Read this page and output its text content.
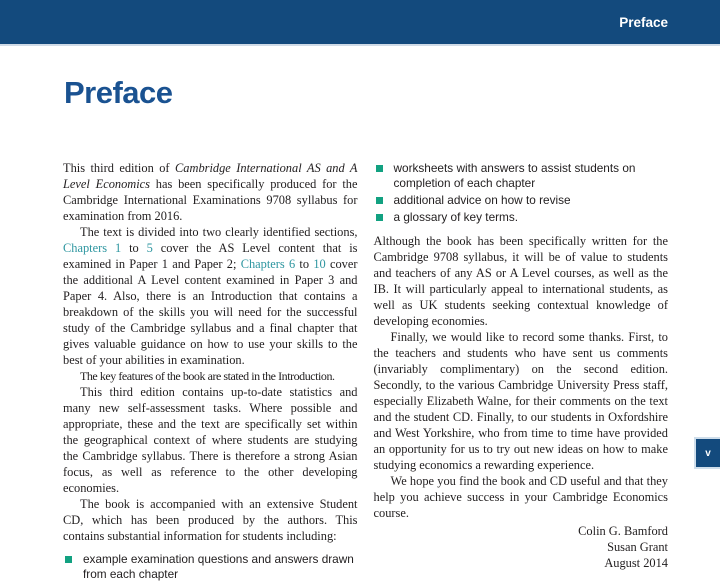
Preface
Preface

This third edition of Cambridge International AS and A Level Economics has been specifically produced for the Cambridge International Examinations 9708 syllabus for examination from 2016.

The text is divided into two clearly identified sections, Chapters 1 to 5 cover the AS Level content that is examined in Paper 1 and Paper 2; Chapters 6 to 10 cover the additional A Level content examined in Paper 3 and Paper 4. Also, there is an Introduction that contains a breakdown of the skills you will need for the successful study of the Cambridge syllabus and a final chapter that gives valuable guidance on how to use your skills to the best of your abilities in examination.

The key features of the book are stated in the Introduction.

This third edition contains up-to-date statistics and many new self-assessment tasks. Where possible and appropriate, these and the text are specifically set within the geographical context of where students are studying the Cambridge syllabus. There is therefore a strong Asian focus, as well as reference to the other developing economies.

The book is accompanied with an extensive Student CD, which has been produced by the authors. This contains substantial information for students including:

example examination questions and answers drawn from each chapter
worksheets with answers to assist students on completion of each chapter
additional advice on how to revise
a glossary of key terms.

Although the book has been specifically written for the Cambridge 9708 syllabus, it will be of value to students and teachers of any AS or A Level courses, as well as the IB. It will particularly appeal to international students, as well as UK students seeking contextual knowledge of developing economies.

Finally, we would like to record some thanks. First, to the teachers and students who have sent us comments (invariably complimentary) on the second edition. Secondly, to the various Cambridge University Press staff, especially Elizabeth Walne, for their comments on the text and the student CD. Finally, to our students in Oxfordshire and West Yorkshire, who from time to time have provided an opportunity for us to try out new ideas on how to make studying economics a rewarding experience.

We hope you find the book and CD useful and that they help you achieve success in your Cambridge Economics course.

Colin G. Bamford
Susan Grant
August 2014
v
